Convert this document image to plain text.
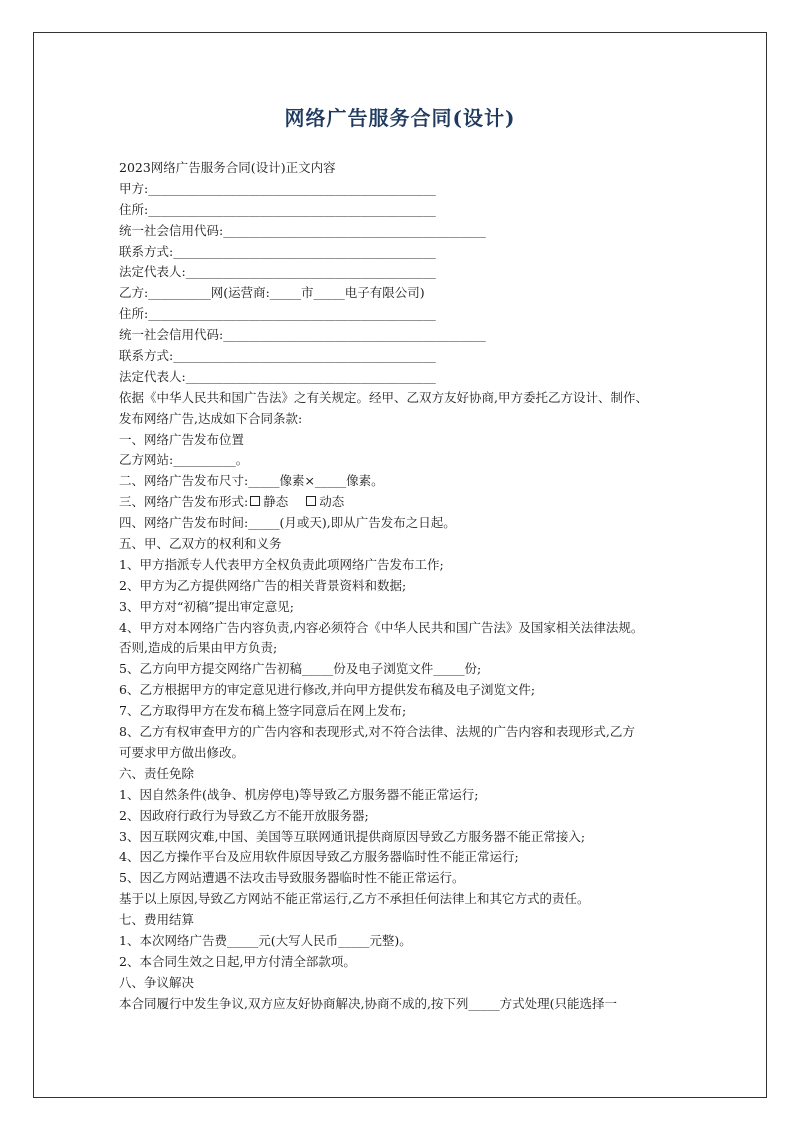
网络广告服务合同(设计)
2023网络广告服务合同(设计)正文内容
甲方:______________________________________________
住所:______________________________________________
统一社会信用代码:__________________________________________
联系方式:__________________________________________
法定代表人:________________________________________
乙方:__________网(运营商:_____市_____电子有限公司)
住所:______________________________________________
统一社会信用代码:__________________________________________
联系方式:__________________________________________
法定代表人:________________________________________
依据《中华人民共和国广告法》之有关规定。经甲、乙双方友好协商,甲方委托乙方设计、制作、
发布网络广告,达成如下合同条款:
一、网络广告发布位置
乙方网站:__________。
二、网络广告发布尺寸:_____像素×_____像素。
三、网络广告发布形式: 静态 动态
四、网络广告发布时间:_____(月或天),即从广告发布之日起。
五、甲、乙双方的权利和义务
1、甲方指派专人代表甲方全权负责此项网络广告发布工作;
2、甲方为乙方提供网络广告的相关背景资料和数据;
3、甲方对“初稿”提出审定意见;
4、甲方对本网络广告内容负责,内容必须符合《中华人民共和国广告法》及国家相关法律法规。
否则,造成的后果由甲方负责;
5、乙方向甲方提交网络广告初稿_____份及电子浏览文件_____份;
6、乙方根据甲方的审定意见进行修改,并向甲方提供发布稿及电子浏览文件;
7、乙方取得甲方在发布稿上签字同意后在网上发布;
8、乙方有权审查甲方的广告内容和表现形式,对不符合法律、法规的广告内容和表现形式,乙方
可要求甲方做出修改。
六、责任免除
1、因自然条件(战争、机房停电)等导致乙方服务器不能正常运行;
2、因政府行政行为导致乙方不能开放服务器;
3、因互联网灾难,中国、美国等互联网通讯提供商原因导致乙方服务器不能正常接入;
4、因乙方操作平台及应用软件原因导致乙方服务器临时性不能正常运行;
5、因乙方网站遭遇不法攻击导致服务器临时性不能正常运行。
基于以上原因,导致乙方网站不能正常运行,乙方不承担任何法律上和其它方式的责任。
七、费用结算
1、本次网络广告费_____元(大写人民币_____元整)。
2、本合同生效之日起,甲方付清全部款项。
八、争议解决
本合同履行中发生争议,双方应友好协商解决,协商不成的,按下列_____方式处理(只能选择一
